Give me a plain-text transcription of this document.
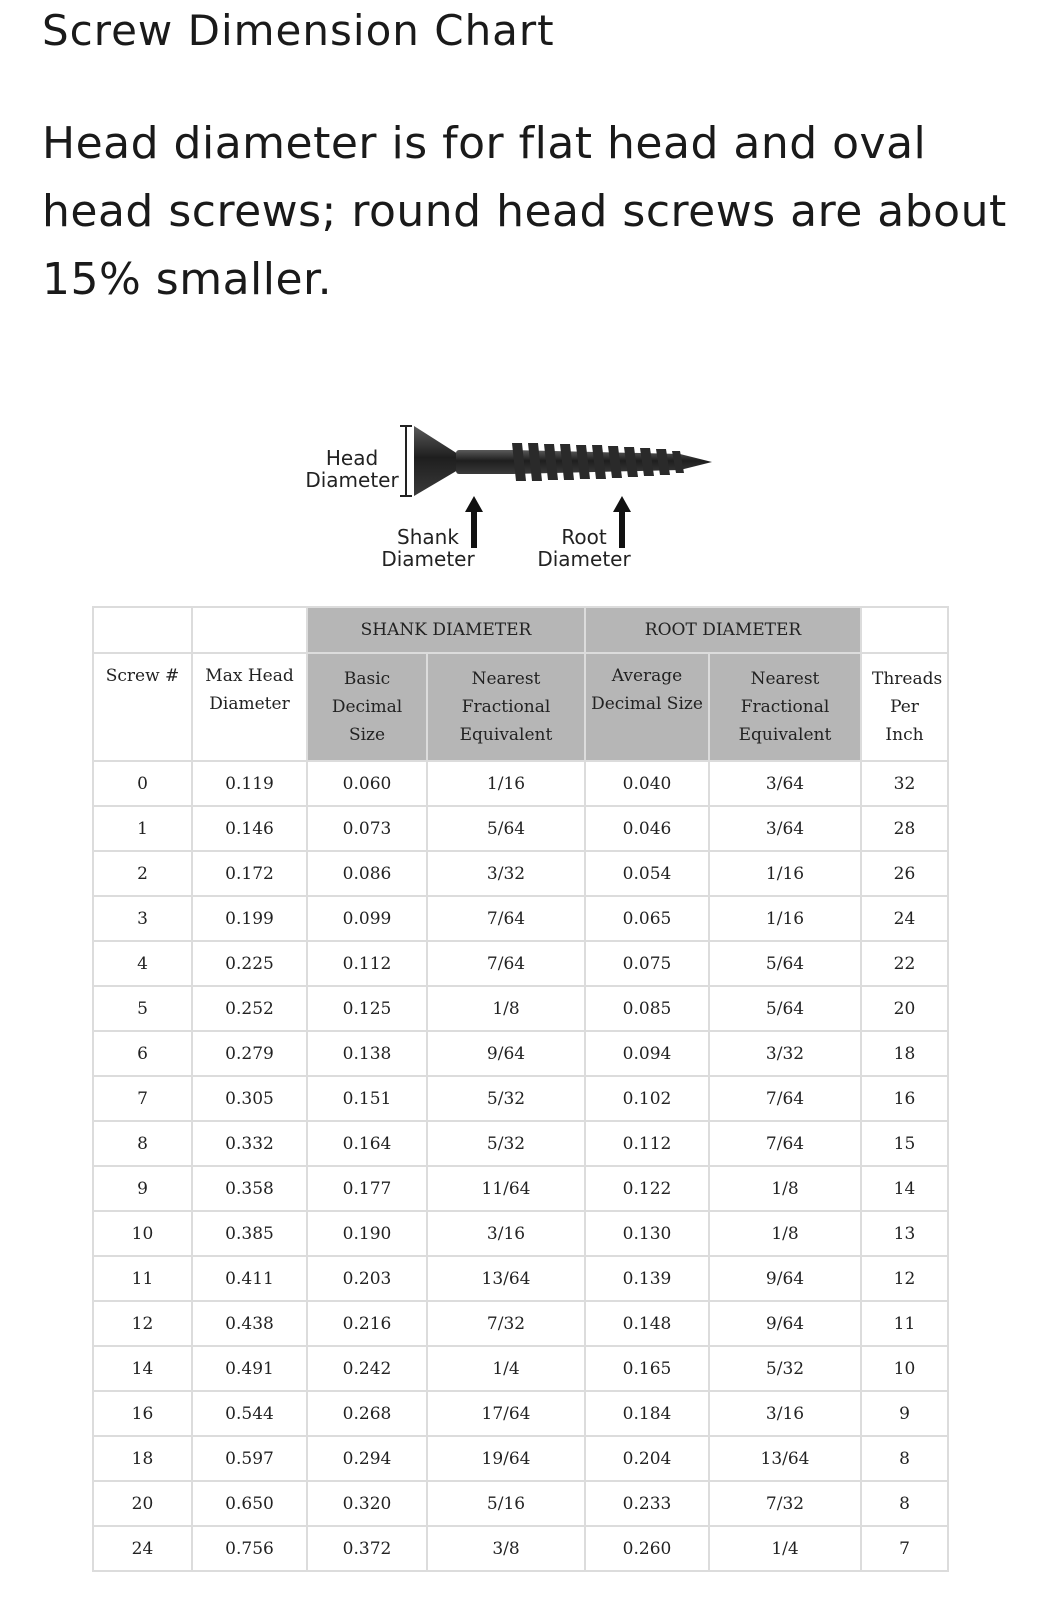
Screw Dimension Chart

Head diameter is for flat head and oval head screws; round head screws are about 15% smaller.

Head
Diameter
Shank
Diameter
Root
Diameter
		SHANK DIAMETER		ROOT DIAMETER		
Screw #	Max Head Diameter	Basic Decimal Size	Nearest Fractional Equivalent	Average Decimal Size	Nearest Fractional Equivalent	Threads Per Inch
0	0.119	0.060	1/16	0.040	3/64	32
1	0.146	0.073	5/64	0.046	3/64	28
2	0.172	0.086	3/32	0.054	1/16	26
3	0.199	0.099	7/64	0.065	1/16	24
4	0.225	0.112	7/64	0.075	5/64	22
5	0.252	0.125	1/8	0.085	5/64	20
6	0.279	0.138	9/64	0.094	3/32	18
7	0.305	0.151	5/32	0.102	7/64	16
8	0.332	0.164	5/32	0.112	7/64	15
9	0.358	0.177	11/64	0.122	1/8	14
10	0.385	0.190	3/16	0.130	1/8	13
11	0.411	0.203	13/64	0.139	9/64	12
12	0.438	0.216	7/32	0.148	9/64	11
14	0.491	0.242	1/4	0.165	5/32	10
16	0.544	0.268	17/64	0.184	3/16	9
18	0.597	0.294	19/64	0.204	13/64	8
20	0.650	0.320	5/16	0.233	7/32	8
24	0.756	0.372	3/8	0.260	1/4	7
